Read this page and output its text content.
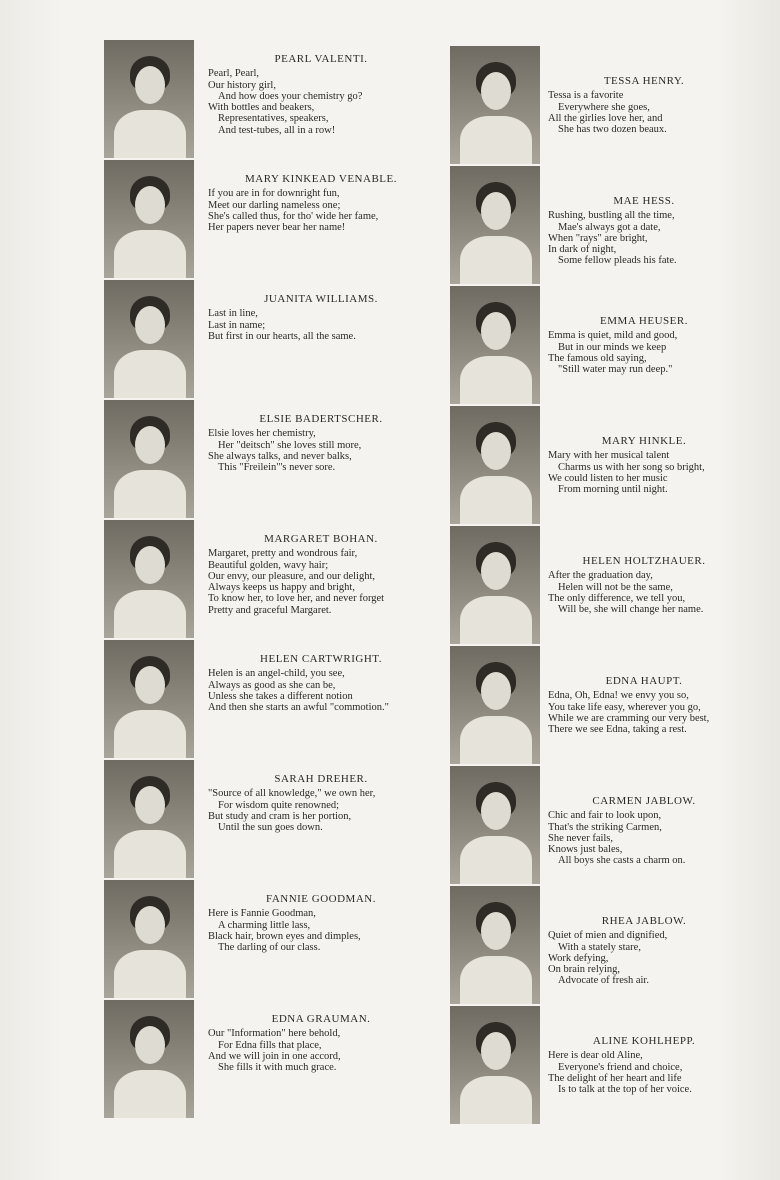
PEARL VALENTI.
Pearl, Pearl,
Our history girl,
And how does your chemistry go?
With bottles and beakers,
Representatives, speakers,
And test-tubes, all in a row!
MARY KINKEAD VENABLE.
If you are in for downright fun,
Meet our darling nameless one;
She's called thus, for tho' wide her fame,
Her papers never bear her name!
JUANITA WILLIAMS.
Last in line,
Last in name;
But first in our hearts, all the same.
ELSIE BADERTSCHER.
Elsie loves her chemistry,
Her "deitsch" she loves still more,
She always talks, and never balks,
This "Freilein"'s never sore.
MARGARET BOHAN.
Margaret, pretty and wondrous fair,
Beautiful golden, wavy hair;
Our envy, our pleasure, and our delight,
Always keeps us happy and bright,
To know her, to love her, and never forget
Pretty and graceful Margaret.
HELEN CARTWRIGHT.
Helen is an angel-child, you see,
Always as good as she can be,
Unless she takes a different notion
And then she starts an awful "commotion."
SARAH DREHER.
"Source of all knowledge," we own her,
For wisdom quite renowned;
But study and cram is her portion,
Until the sun goes down.
FANNIE GOODMAN.
Here is Fannie Goodman,
A charming little lass,
Black hair, brown eyes and dimples,
The darling of our class.
EDNA GRAUMAN.
Our "Information" here behold,
For Edna fills that place,
And we will join in one accord,
She fills it with much grace.
TESSA HENRY.
Tessa is a favorite
Everywhere she goes,
All the girlies love her, and
She has two dozen beaux.
MAE HESS.
Rushing, bustling all the time,
Mae's always got a date,
When "rays" are bright,
In dark of night,
Some fellow pleads his fate.
EMMA HEUSER.
Emma is quiet, mild and good,
But in our minds we keep
The famous old saying,
"Still water may run deep."
MARY HINKLE.
Mary with her musical talent
Charms us with her song so bright,
We could listen to her music
From morning until night.
HELEN HOLTZHAUER.
After the graduation day,
Helen will not be the same,
The only difference, we tell you,
Will be, she will change her name.
EDNA HAUPT.
Edna, Oh, Edna! we envy you so,
You take life easy, wherever you go,
While we are cramming our very best,
There we see Edna, taking a rest.
CARMEN JABLOW.
Chic and fair to look upon,
That's the striking Carmen,
She never fails,
Knows just bales,
All boys she casts a charm on.
RHEA JABLOW.
Quiet of mien and dignified,
With a stately stare,
Work defying,
On brain relying,
Advocate of fresh air.
ALINE KOHLHEPP.
Here is dear old Aline,
Everyone's friend and choice,
The delight of her heart and life
Is to talk at the top of her voice.
